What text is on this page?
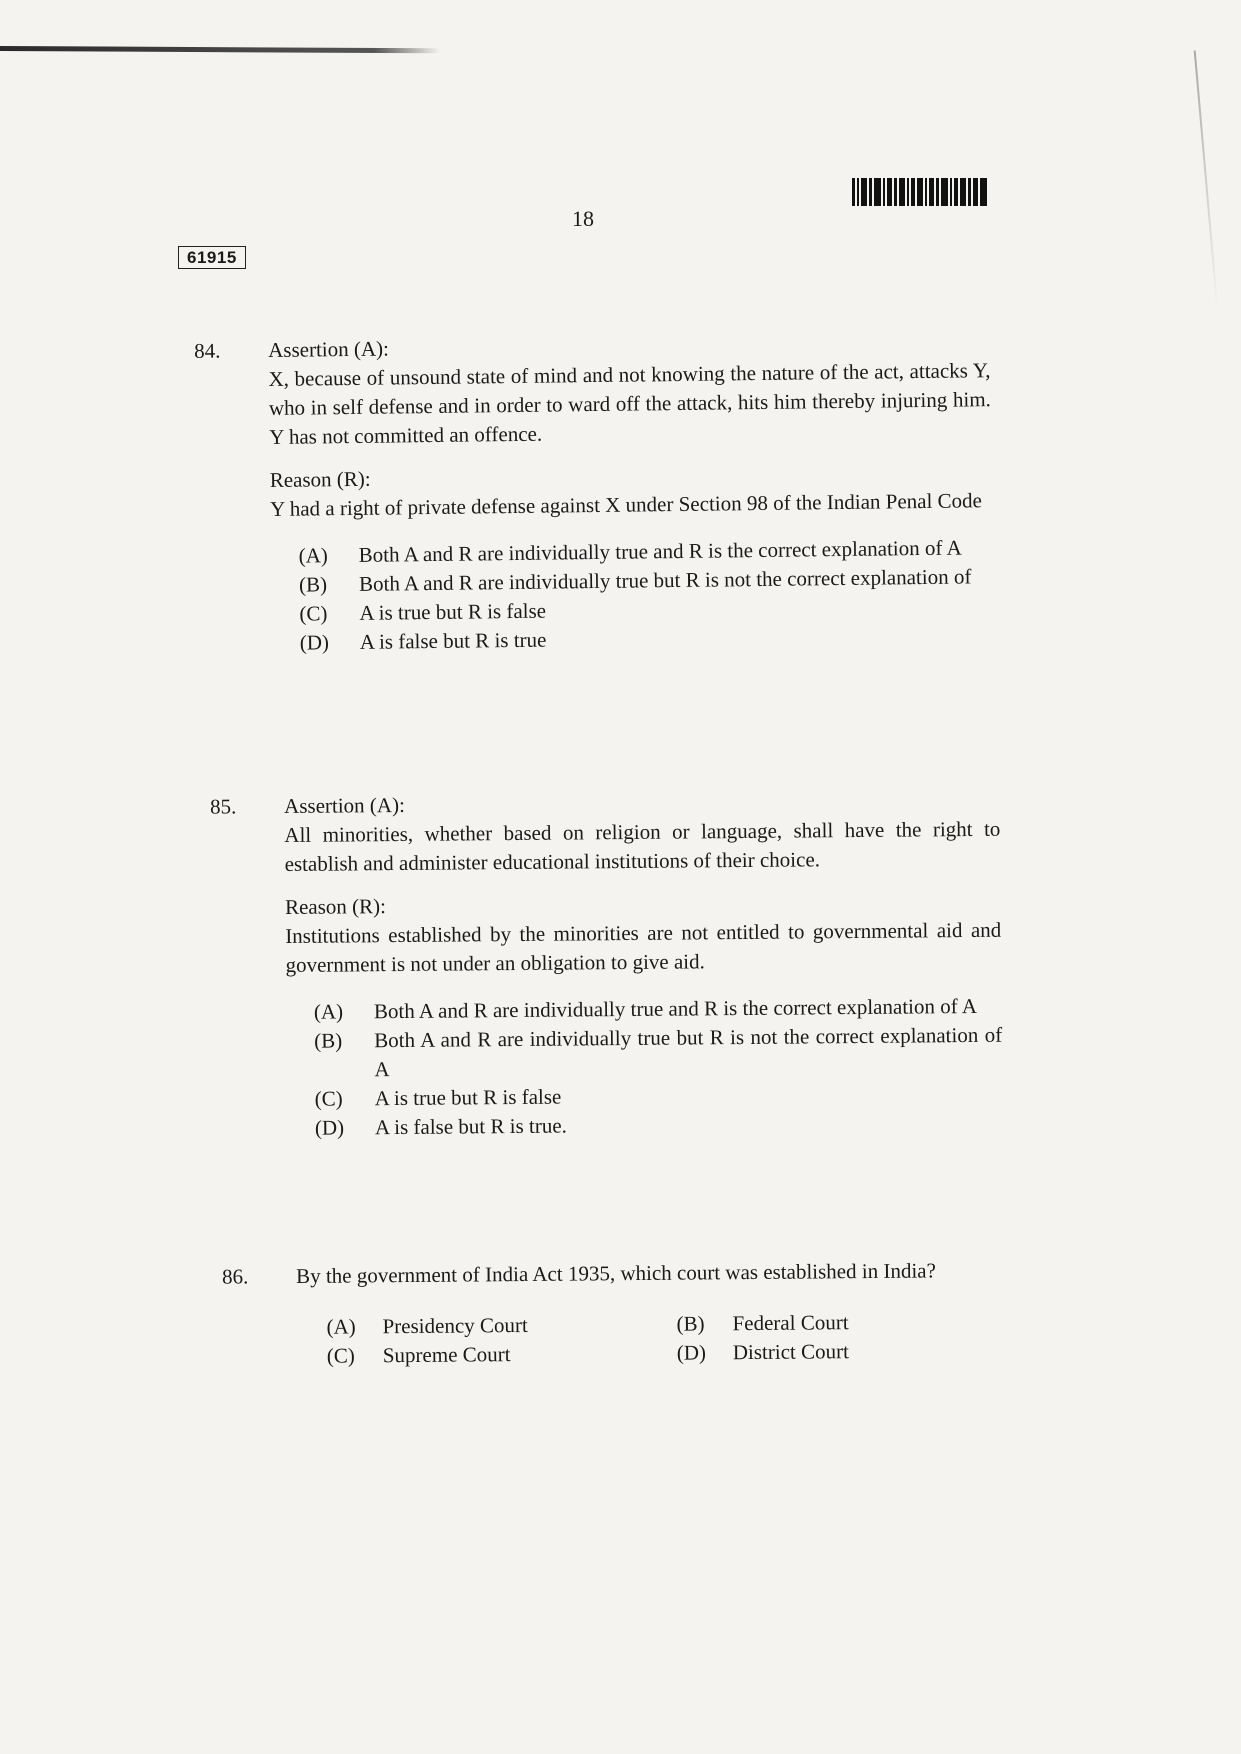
18
61915
84.	Assertion (A):
X, because of unsound state of mind and not knowing the nature of the act, attacks Y, who in self defense and in order to ward off the attack, hits him thereby injuring him. Y has not committed an offence.
Reason (R):
Y had a right of private defense against X under Section 98 of the Indian Penal Code
(A)	Both A and R are individually true and R is the correct explanation of A
(B)	Both A and R are individually true but R is not the correct explanation of
(C)	A is true but R is false
(D)	A is false but R is true
85.	Assertion (A):
All minorities, whether based on religion or language, shall have the right to establish and administer educational institutions of their choice.
Reason (R):
Institutions established by the minorities are not entitled to governmental aid and government is not under an obligation to give aid.
(A)	Both A and R are individually true and R is the correct explanation of A
(B)	Both A and R are individually true but R is not the correct explanation of A
(C)	A is true but R is false
(D)	A is false but R is true.
86.	By the government of India Act 1935, which court was established in India?
(A)	Presidency Court	(B)	Federal Court
(C)	Supreme Court	(D)	District Court
